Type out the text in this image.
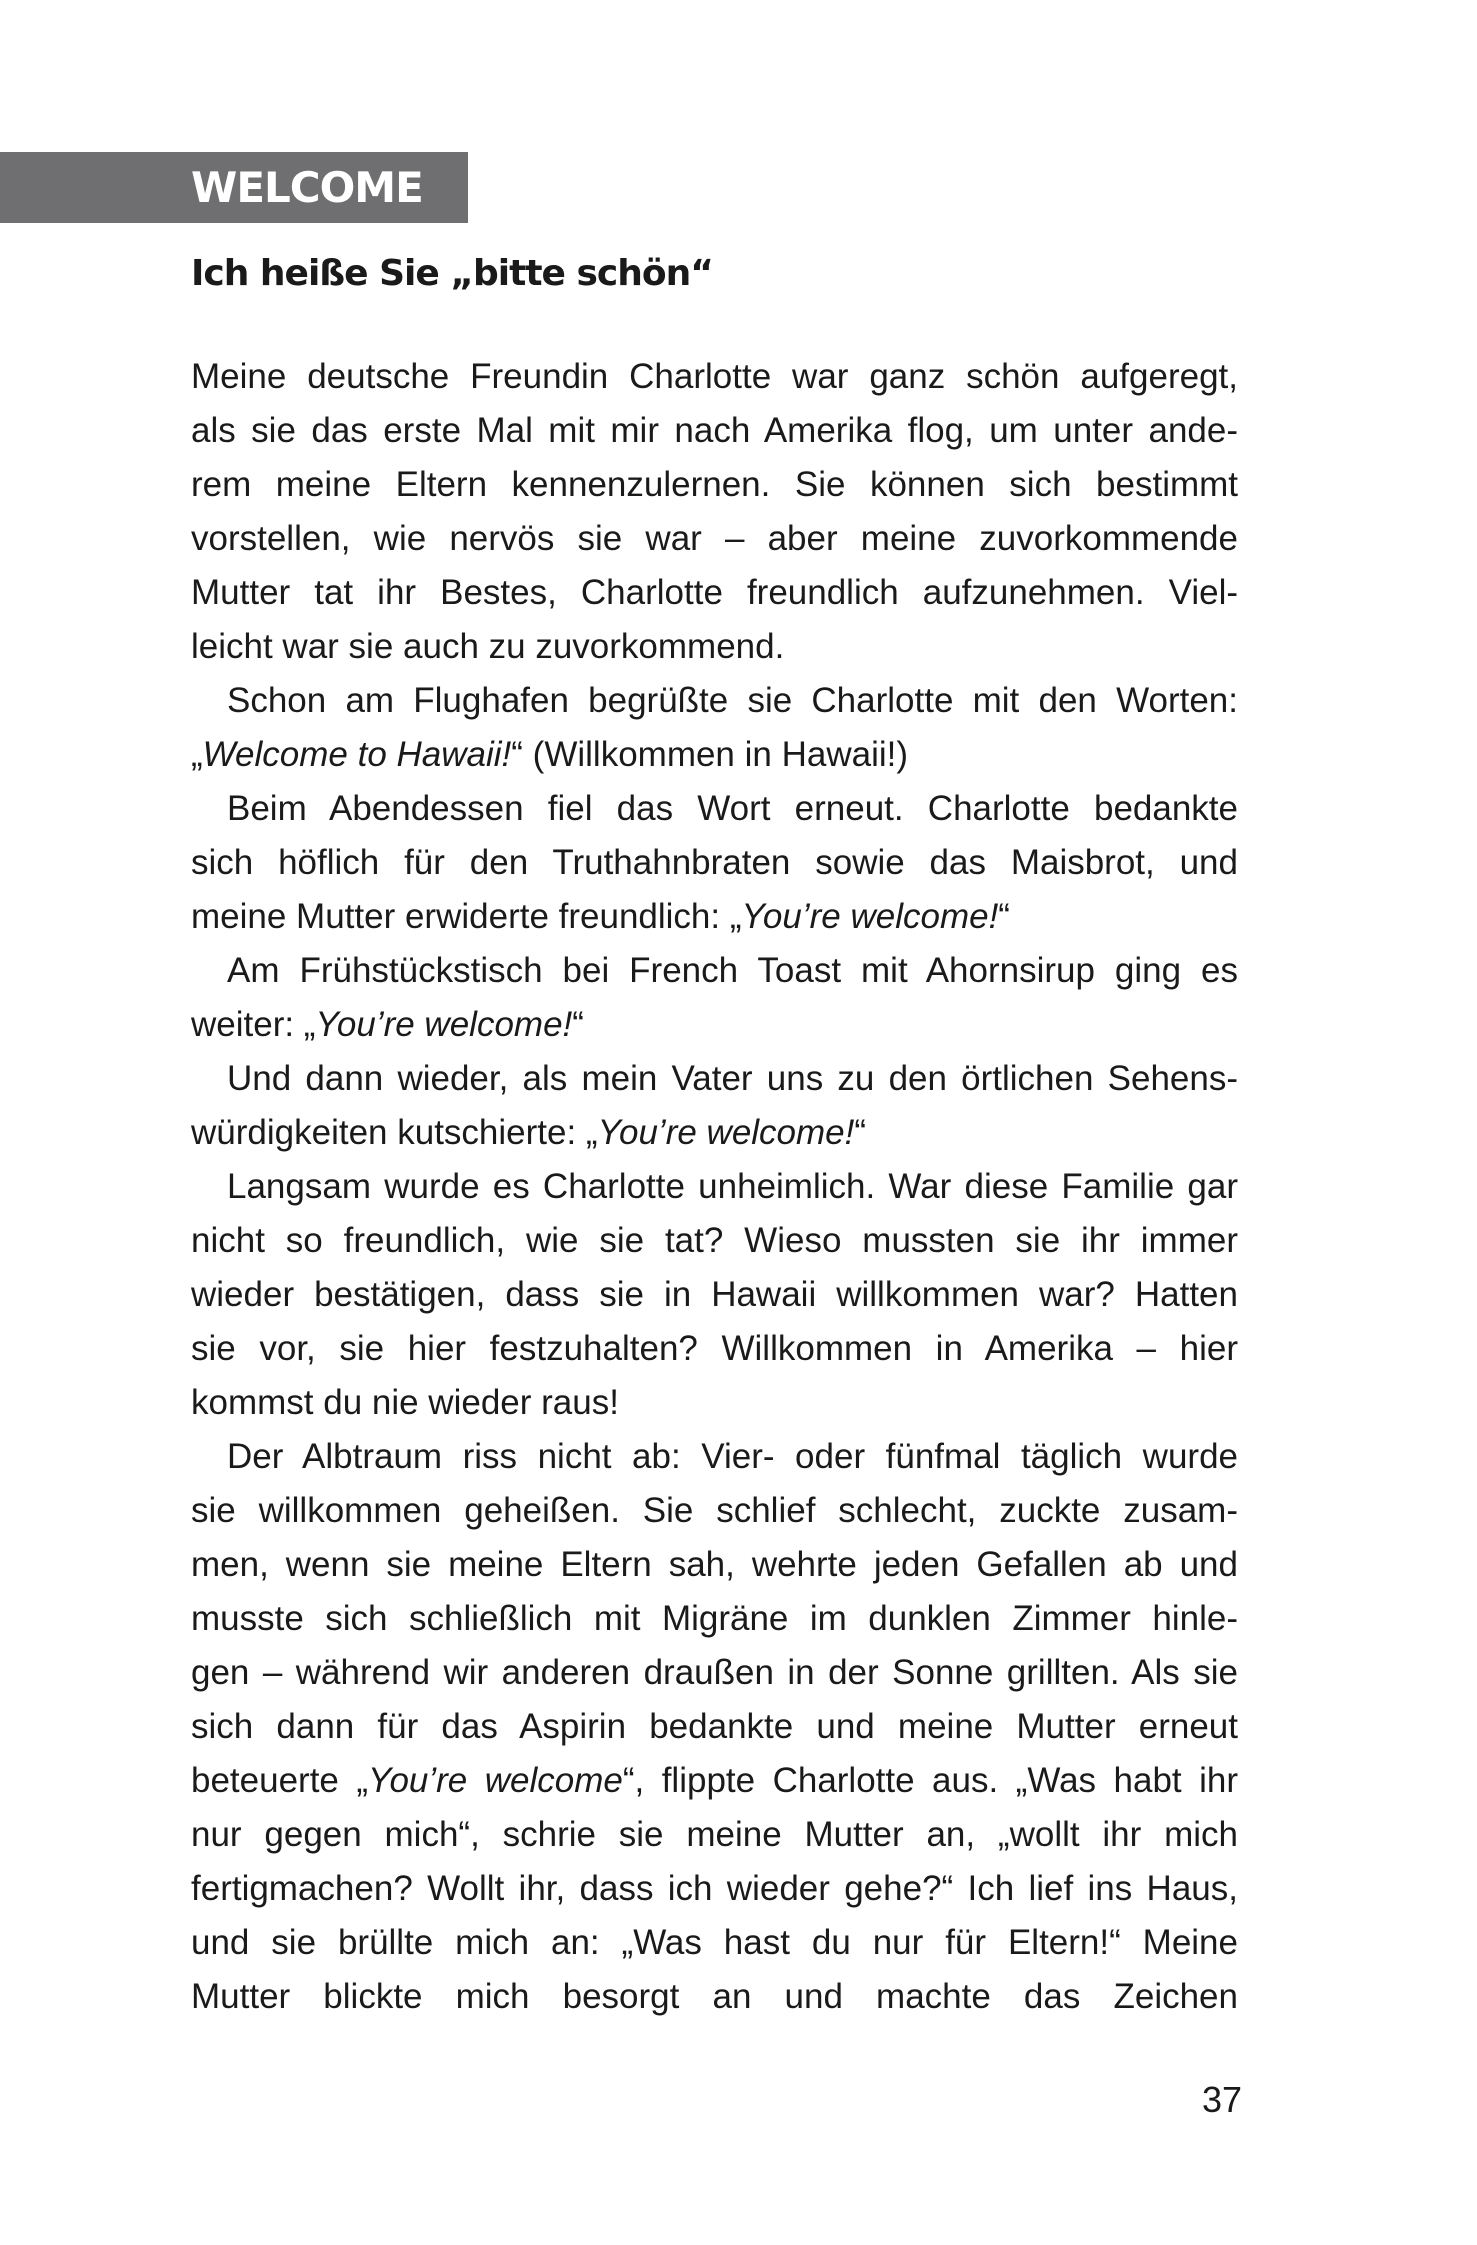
WELCOME
Ich heiße Sie „bitte schön“
Meine deutsche Freundin Charlotte war ganz schön aufgeregt,
als sie das erste Mal mit mir nach Amerika flog, um unter ande-
rem meine Eltern kennenzulernen. Sie können sich bestimmt
vorstellen, wie nervös sie war – aber meine zuvorkommende
Mutter tat ihr Bestes, Charlotte freundlich aufzunehmen. Viel-
leicht war sie auch zu zuvorkommend.
Schon am Flughafen begrüßte sie Charlotte mit den Worten:
„Welcome to Hawaii!“ (Willkommen in Hawaii!)
Beim Abendessen fiel das Wort erneut. Charlotte bedankte
sich höflich für den Truthahnbraten sowie das Maisbrot, und
meine Mutter erwiderte freundlich: „You’re welcome!“
Am Frühstückstisch bei French Toast mit Ahornsirup ging es
weiter: „You’re welcome!“
Und dann wieder, als mein Vater uns zu den örtlichen Sehens-
würdigkeiten kutschierte: „You’re welcome!“
Langsam wurde es Charlotte unheimlich. War diese Familie gar
nicht so freundlich, wie sie tat? Wieso mussten sie ihr immer
wieder bestätigen, dass sie in Hawaii willkommen war? Hatten
sie vor, sie hier festzuhalten? Willkommen in Amerika – hier
kommst du nie wieder raus!
Der Albtraum riss nicht ab: Vier- oder fünfmal täglich wurde
sie willkommen geheißen. Sie schlief schlecht, zuckte zusam-
men, wenn sie meine Eltern sah, wehrte jeden Gefallen ab und
musste sich schließlich mit Migräne im dunklen Zimmer hinle-
gen – während wir anderen draußen in der Sonne grillten. Als sie
sich dann für das Aspirin bedankte und meine Mutter erneut
beteuerte „You’re welcome“, flippte Charlotte aus. „Was habt ihr
nur gegen mich“, schrie sie meine Mutter an, „wollt ihr mich
fertigmachen? Wollt ihr, dass ich wieder gehe?“ Ich lief ins Haus,
und sie brüllte mich an: „Was hast du nur für Eltern!“ Meine
Mutter blickte mich besorgt an und machte das Zeichen
37
